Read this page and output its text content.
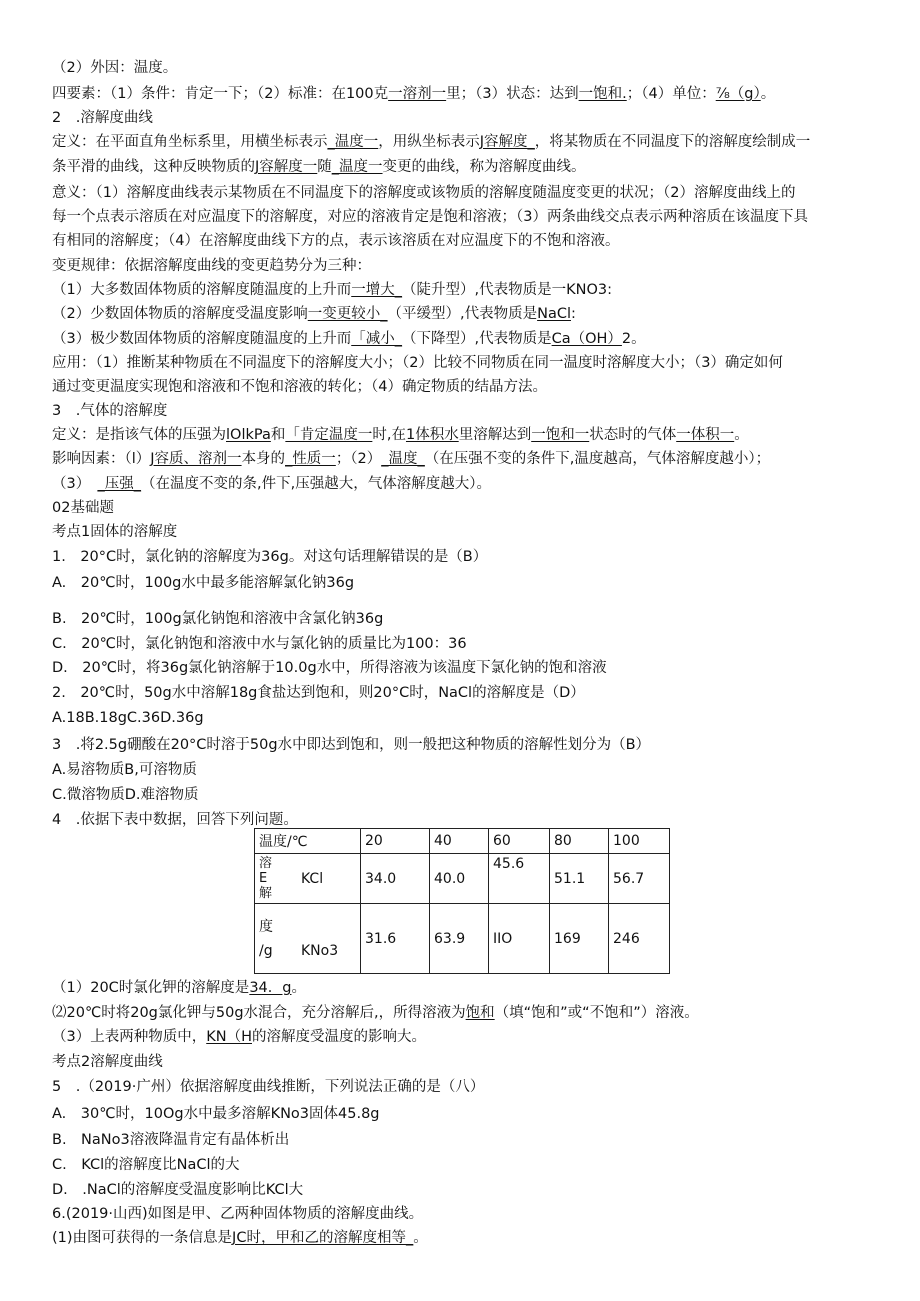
（2）外因：温度。
四要素：（1）条件：肯定一下；（2）标准：在100克一溶剂一里；（3）状态：达到一饱和.；（4）单位：⅞（g）。
2　.溶解度曲线
定义：在平面直角坐标系里，用横坐标表示_温度一，用纵坐标表示J容解度_，将某物质在不同温度下的溶解度绘制成一
条平滑的曲线，这种反映物质的J容解度一随_温度一变更的曲线，称为溶解度曲线。
意义：（1）溶解度曲线表示某物质在不同温度下的溶解度或该物质的溶解度随温度变更的状况；（2）溶解度曲线上的
每一个点表示溶质在对应温度下的溶解度，对应的溶液肯定是饱和溶液；（3）两条曲线交点表示两种溶质在该温度下具
有相同的溶解度；（4）在溶解度曲线下方的点，表示该溶质在对应温度下的不饱和溶液。
变更规律：依据溶解度曲线的变更趋势分为三种：
（1）大多数固体物质的溶解度随温度的上升而一增大_（陡升型）,代表物质是一KNO3:
（2）少数固体物质的溶解度受温度影响一变更较小_（平缓型）,代表物质是NaCl:
（3）极少数固体物质的溶解度随温度的上升而「减小_（下降型）,代表物质是Ca（OH）2。
应用：（1）推断某种物质在不同温度下的溶解度大小；（2）比较不同物质在同一温度时溶解度大小；（3）确定如何
通过变更温度实现饱和溶液和不饱和溶液的转化；（4）确定物质的结晶方法。
3　.气体的溶解度
定义：是指该气体的压强为lOlkPa和「肯定温度一时,在1体积水里溶解达到一饱和一状态时的气体一体积一。
影响因素：（l）J容质、溶剂一本身的_性质一；（2）_温度_（在压强不变的条件下,温度越高，气体溶解度越小）；
（3）　_压强_（在温度不变的条,件下,压强越大，气体溶解度越大）。
02基础题
考点1固体的溶解度
1.　20°C时，氯化钠的溶解度为36g。对这句话理解错误的是（B）
A.　20℃时，100g水中最多能溶解氯化钠36g
B.　20℃时，100g氯化钠饱和溶液中含氯化钠36g
C.　20℃时，氯化钠饱和溶液中水与氯化钠的质量比为100：36
D.　20℃时，将36g氯化钠溶解于10.0g水中，所得溶液为该温度下氯化钠的饱和溶液
2.　20℃时，50g水中溶解18g食盐达到饱和，则20°C时，NaCl的溶解度是（D）
A.18B.18gC.36D.36g
3　.将2.5g硼酸在20°C时溶于50g水中即达到饱和，则一般把这种物质的溶解性划分为（B）
A.易溶物质B,可溶物质
C.微溶物质D.难溶物质
4　.依据下表中数据，回答下列问题。
（1）20C时氯化钾的溶解度是34．g。
⑵20℃时将20g氯化钾与50g水混合，充分溶解后,，所得溶液为饱和（填“饱和”或“不饱和”）溶液。
（3）上表两种物质中，KN（H的溶解度受温度的影响大。
考点2溶解度曲线
5　.（2019·广州）依据溶解度曲线推断，下列说法正确的是（八）
A.　30℃时，10Og水中最多溶解KNo3固体45.8g
B.　NaNo3溶液降温肯定有晶体析出
C.　KCl的溶解度比NaCl的大
D.　.NaCl的溶解度受温度影响比KCl大
6.(2019·山西)如图是甲、乙两种固体物质的溶解度曲线。
(1)由图可获得的一条信息是JC时，甲和乙的溶解度相等_。
温度/℃	20	40	60	80	100

溶
E
解
KCl	34.0	40.0	45.6	51.1	56.7

度
/g KNo3	31.6	63.9	IIO	169	246
